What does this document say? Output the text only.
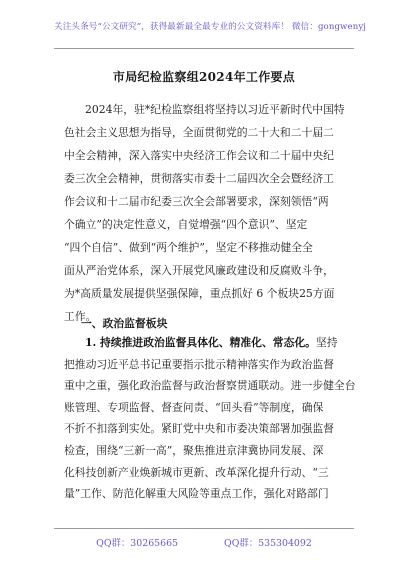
关注头条号“公文研究”，获得最新最全最专业的公文资料库！ 微信：gongwenyj
市局纪检监察组2024年工作要点
2024年，驻*纪检监察组将坚持以习近平新时代中国特
色社会主义思想为指导，全面贯彻党的二十大和二十届二
中全会精神，深入落实中央经济工作会议和二十届中央纪
委三次全会精神，贯彻落实市委十二届四次全会暨经济工
作会议和十二届市纪委三次全会部署要求，深刻领悟“两
个确立”的决定性意义，自觉增强“四个意识”、坚定
“四个自信”、做到“两个维护”，坚定不移推动健全全
面从严治党体系，深入开展党风廉政建设和反腐败斗争，
为*高质量发展提供坚强保障，重点抓好 6 个板块25方面
工作。
一、政治监督板块
1. 持续推进政治监督具体化、精准化、常态化。坚持
把推动习近平总书记重要指示批示精神落实作为政治监督
重中之重，强化政治监督与政治督察贯通联动。进一步健全台
账管理、专项监督、督查问责、“回头看”等制度，确保
不折不扣落到实处。紧盯党中央和市委决策部署加强监督
检查，围绕“三新一高”，聚焦推进京津冀协同发展、深
化科技创新产业焕新城市更新、改革深化提升行动、“三
量”工作、防范化解重大风险等重点工作，强化对路部门
QQ群：30265665	QQ群：535304092
